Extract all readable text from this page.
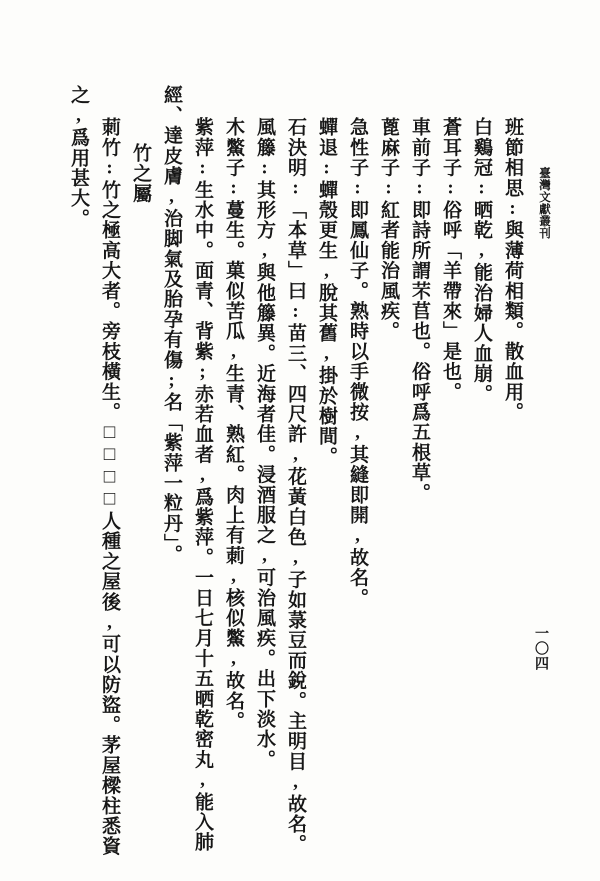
臺灣文獻叢刊
一〇四

班節相思:與薄荷相類。散血用。

白鷄冠:晒乾,能治婦人血崩。

蒼耳子:俗呼「羊帶來」是也。

車前子:即詩所謂芣苢也。俗呼爲五根草。

蓖麻子:紅者能治風疾。

急性子:即鳳仙子。熟時以手微按,其縫即開,故名。

蟬退:蟬殼更生,脫其舊,掛於樹間。

石決明:「本草」曰:苗三、四尺許,花黃白色,子如菉豆而銳。主明目,故名。

風籐:其形方,與他籐異。近海者佳。浸酒服之,可治風疾。出下淡水。

木鱉子:蔓生。菓似苦瓜,生青、熟紅。肉上有莿,核似鱉,故名。

紫萍:生水中。面青、背紫;赤若血者,爲紫萍。一日七月十五晒乾密丸,能入肺

經、達皮膚,治脚氣及胎孕有傷;名「紫萍一粒丹」。

竹之屬

莿竹:竹之極高大者。旁枝橫生。□□□□人種之屋後,可以防盜。茅屋樑柱悉資

之,爲用甚大。
